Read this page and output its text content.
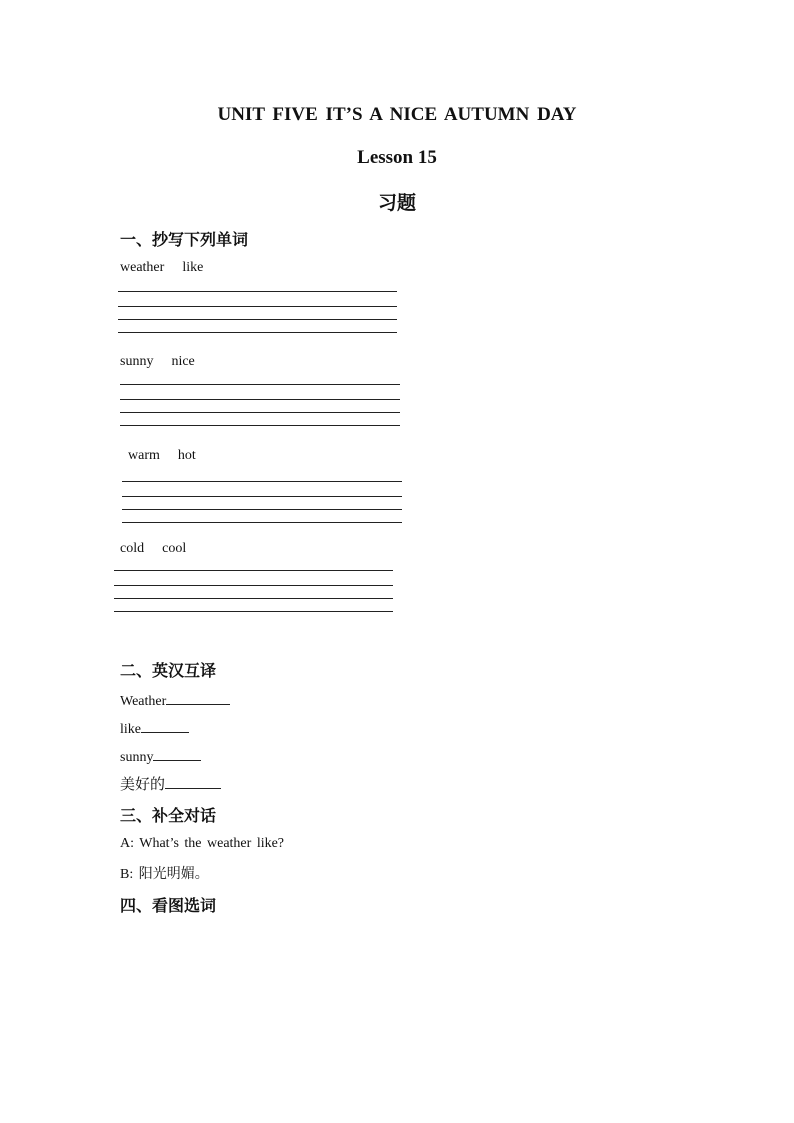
UNIT FIVE IT’S A NICE AUTUMN DAY
Lesson 15
习题
一、抄写下列单词
weather like
sunny nice
warm hot
cold cool
二、英汉互译
Weather
like
sunny
美好的
三、补全对话
A: What’s the weather like?
B: 阳光明媚。
四、看图选词
